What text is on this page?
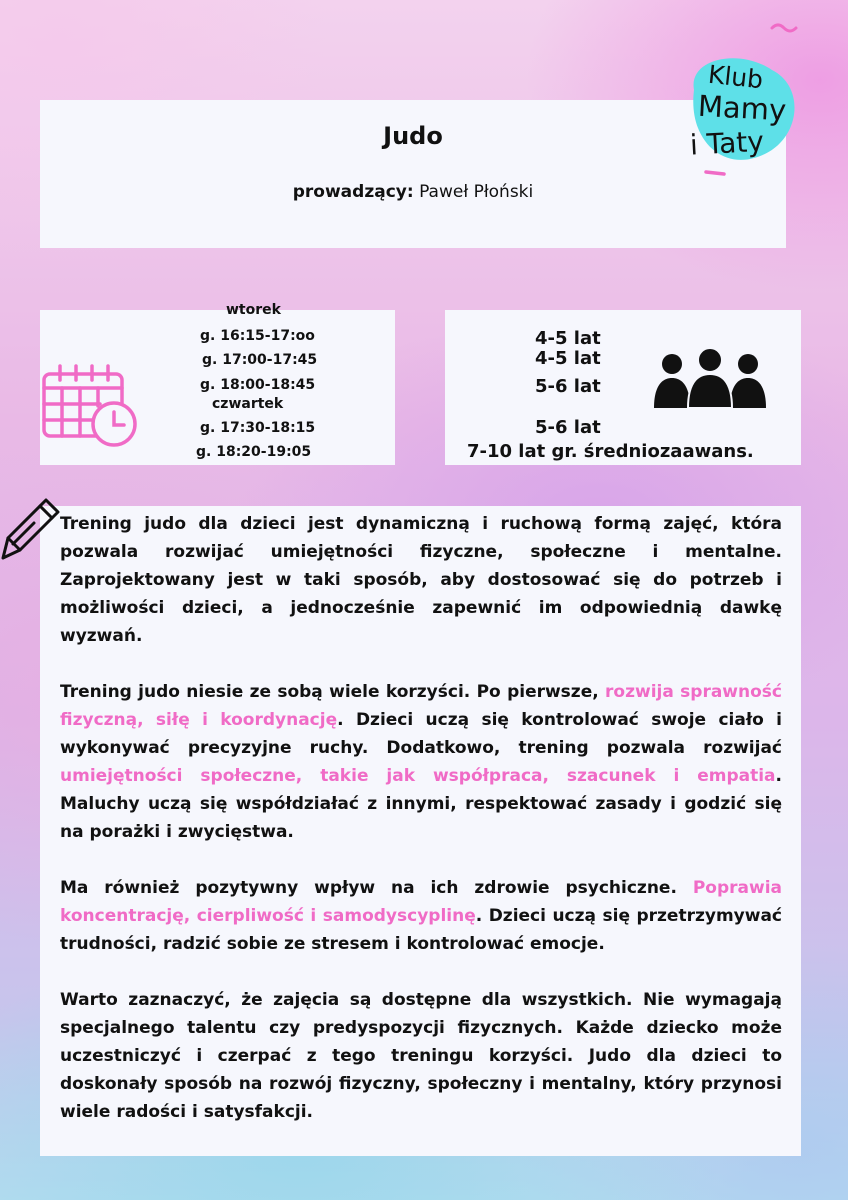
Judo
prowadzący: Paweł Płoński
Klub
Mamy
i Taty
wtorek
g. 16:15-17:oo
g. 17:00-17:45
g. 18:00-18:45
czwartek
g. 17:30-18:15
g. 18:20-19:05
4-5 lat
4-5 lat
5-6 lat
5-6 lat
7-10 lat gr. średniozaawans.

Trening judo dla dzieci jest dynamiczną i ruchową formą zajęć, która pozwala rozwijać umiejętności fizyczne, społeczne i mentalne. Zaprojektowany jest w taki sposób, aby dostosować się do potrzeb i możliwości dzieci, a jednocześnie zapewnić im odpowiednią dawkę wyzwań.

Trening judo niesie ze sobą wiele korzyści. Po pierwsze, rozwija sprawność fizyczną, siłę i koordynację. Dzieci uczą się kontrolować swoje ciało i wykonywać precyzyjne ruchy. Dodatkowo, trening pozwala rozwijać umiejętności społeczne, takie jak współpraca, szacunek i empatia. Maluchy uczą się współdziałać z innymi, respektować zasady i godzić się na porażki i zwycięstwa.

Ma również pozytywny wpływ na ich zdrowie psychiczne. Poprawia koncentrację, cierpliwość i samodyscyplinę. Dzieci uczą się przetrzymywać trudności, radzić sobie ze stresem i kontrolować emocje.

Warto zaznaczyć, że zajęcia są dostępne dla wszystkich. Nie wymagają specjalnego talentu czy predyspozycji fizycznych. Każde dziecko może uczestniczyć i czerpać z tego treningu korzyści. Judo dla dzieci to doskonały sposób na rozwój fizyczny, społeczny i mentalny, który przynosi wiele radości i satysfakcji.
